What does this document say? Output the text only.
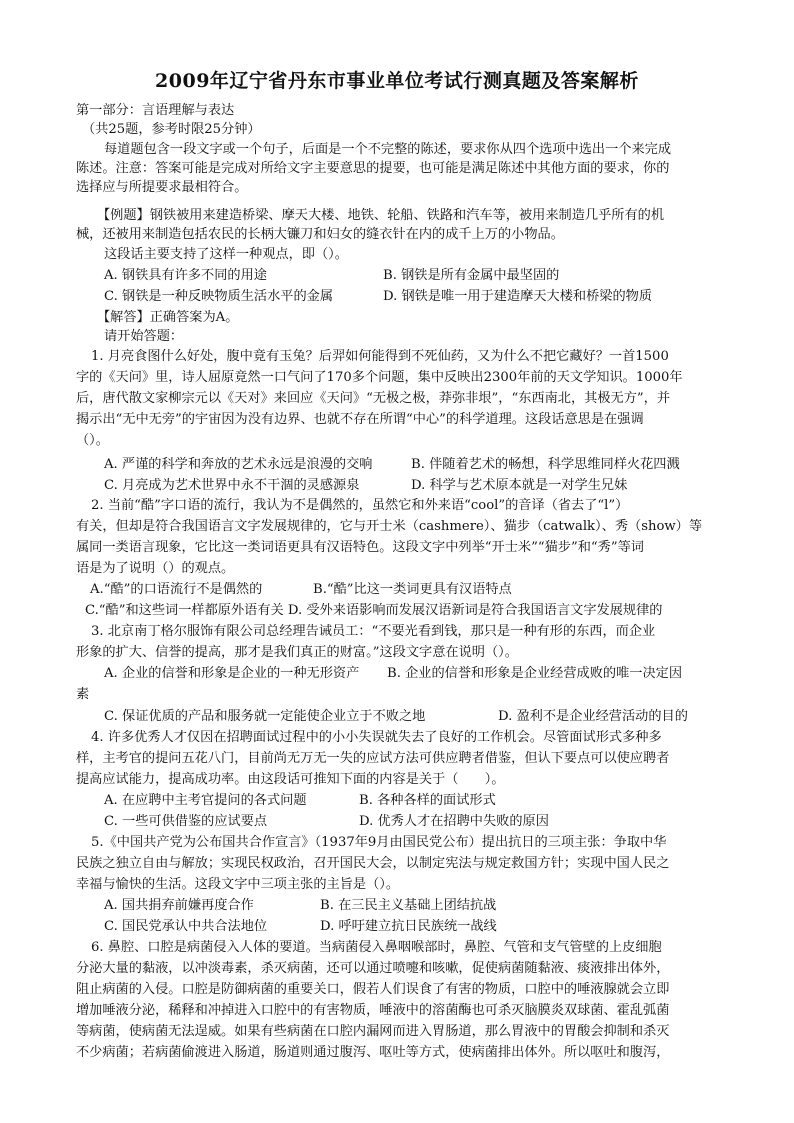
2009年辽宁省丹东市事业单位考试行测真题及答案解析
第一部分：言语理解与表达
（共25题，参考时限25分钟）
每道题包含一段文字或一个句子，后面是一个不完整的陈述，要求你从四个选项中选出一个来完成
陈述。注意：答案可能是完成对所给文字主要意思的提要，也可能是满足陈述中其他方面的要求，你的
选择应与所提要求最相符合。
【例题】钢铁被用来建造桥梁、摩天大楼、地铁、轮船、铁路和汽车等，被用来制造几乎所有的机
械，还被用来制造包括农民的长柄大镰刀和妇女的缝衣针在内的成千上万的小物品。
这段话主要支持了这样一种观点，即（）。
A. 钢铁具有许多不同的用途	B. 钢铁是所有金属中最坚固的
C. 钢铁是一种反映物质生活水平的金属	D. 钢铁是唯一用于建造摩天大楼和桥梁的物质
【解答】正确答案为A。
请开始答题：
1. 月亮食图什么好处，腹中竟有玉兔？后羿如何能得到不死仙药，又为什么不把它藏好？一首1500
字的《天问》里，诗人屈原竟然一口气问了170多个问题，集中反映出2300年前的天文学知识。1000年
后，唐代散文家柳宗元以《天对》来回应《天问》“无极之极，莽弥非垠”，“东西南北，其极无方”，并
揭示出“无中无旁”的宇宙因为没有边界、也就不存在所谓“中心”的科学道理。这段话意思是在强调
（）。
A. 严谨的科学和奔放的艺术永远是浪漫的交响	B. 伴随着艺术的畅想，科学思维同样火花四溅
C. 月亮成为艺术世界中永不干涸的灵感源泉	D. 科学与艺术原本就是一对学生兄妹
2. 当前“酷”字口语的流行，我认为不是偶然的，虽然它和外来语“cool”的音译（省去了“l”）
有关，但却是符合我国语言文字发展规律的，它与开士米（cashmere）、猫步（catwalk）、秀（show）等
属同一类语言现象，它比这一类词语更具有汉语特色。这段文字中列举“开士米”“猫步”和“秀”等词
语是为了说明（）的观点。
A.“酷”的口语流行不是偶然的	B.“酷”比这一类词更具有汉语特点
C.“酷”和这些词一样都原外语有关 D. 受外来语影响而发展汉语新词是符合我国语言文字发展规律的
3. 北京南丁格尔服饰有限公司总经理告诫员工：“不要光看到钱，那只是一种有形的东西，而企业
形象的扩大、信誉的提高，那才是我们真正的财富。”这段文字意在说明（）。
A. 企业的信誉和形象是企业的一种无形资产 B. 企业的信誉和形象是企业经营成败的唯一决定因
素
C. 保证优质的产品和服务就一定能使企业立于不败之地	D. 盈利不是企业经营活动的目的
4. 许多优秀人才仅因在招聘面试过程中的小小失误就失去了良好的工作机会。尽管面试形式多种多
样，主考官的提问五花八门，目前尚无万无一失的应试方法可供应聘者借鉴，但认下要点可以使应聘者
提高应试能力，提高成功率。由这段话可推知下面的内容是关于（　　）。
A. 在应聘中主考官提问的各式问题	B. 各种各样的面试形式
C. 一些可供借鉴的应试要点	D. 优秀人才在招聘中失败的原因
5.《中国共产党为公布国共合作宣言》（1937年9月由国民党公布）提出抗日的三项主张：争取中华
民族之独立自由与解放；实现民权政治，召开国民大会，以制定宪法与规定救国方针；实现中国人民之
幸福与愉快的生活。这段文字中三项主张的主旨是（）。
A. 国共捐弃前嫌再度合作	B. 在三民主义基础上团结抗战
C. 国民党承认中共合法地位	D. 呼吁建立抗日民族统一战线
6. 鼻腔、口腔是病菌侵入人体的要道。当病菌侵入鼻咽喉部时，鼻腔、气管和支气管壁的上皮细胞
分泌大量的黏液，以冲淡毒素，杀灭病菌，还可以通过喷嚏和咳嗽，促使病菌随黏液、痰液排出体外，
阻止病菌的入侵。口腔是防御病菌的重要关口，假若人们误食了有害的物质，口腔中的唾液腺就会立即
增加唾液分泌，稀释和冲掉进入口腔中的有害物质，唾液中的溶菌酶也可杀灭脑膜炎双球菌、霍乱弧菌
等病菌，使病菌无法逞威。如果有些病菌在口腔内漏网而进入胃肠道，那么胃液中的胃酸会抑制和杀灭
不少病菌；若病菌偷渡进入肠道，肠道则通过腹泻、呕吐等方式，使病菌排出体外。所以呕吐和腹泻，
